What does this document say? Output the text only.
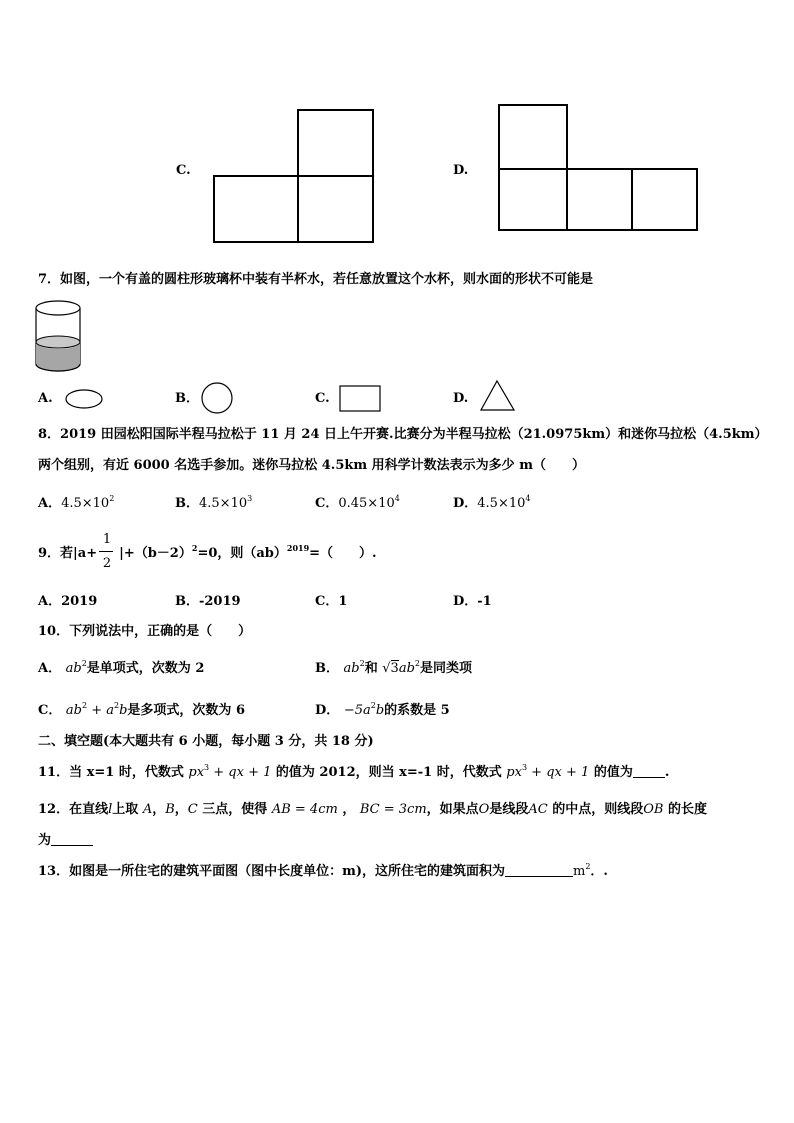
C.	D.
7．如图，一个有盖的圆柱形玻璃杯中装有半杯水，若任意放置这个水杯，则水面的形状不可能是
A.	B．	C.	D.
8．2019 田园松阳国际半程马拉松于 11 月 24 日上午开赛.比赛分为半程马拉松（21.0975km）和迷你马拉松（4.5km）
两个组别，有近 6000 名选手参加。迷你马拉松 4.5km 用科学计数法表示为多少 m（　　）
A．$4.5\times 10^2$	B．$4.5\times 10^3$	C．$0.45\times 10^4$	D．$4.5\times 10^4$
9．若$|a+ |+(b-2)^2=0$，则（ab）$^{2019}$=（　　）.
1
2
A．2019	B．-2019	C．1	D．-1
10．下列说法中，正确的是（　　）
A． $ab^2$是单项式，次数为 2	B． $ab^2$和 $√3ab^2$是同类项
C． $ab^2 + a^2b$是多项式，次数为 6	D． $-5a^2b$的系数是 5
二、填空题(本大题共有 6 小题，每小题 3 分，共 18 分)
11．当 x=1 时，代数式 $px^3$ + qx + 1 的值为 2012，则当 x=-1 时，代数式 $px^3$ + qx + 1 的值为 .
12．在直线l上取 A，B，C 三点，使得 AB = 4cm ， BC = 3cm，如果点O是线段AC 的中点，则线段OB 的长度
为
13．如图是一所住宅的建筑平面图（图中长度单位：m)，这所住宅的建筑面积为	$m^2$．.
